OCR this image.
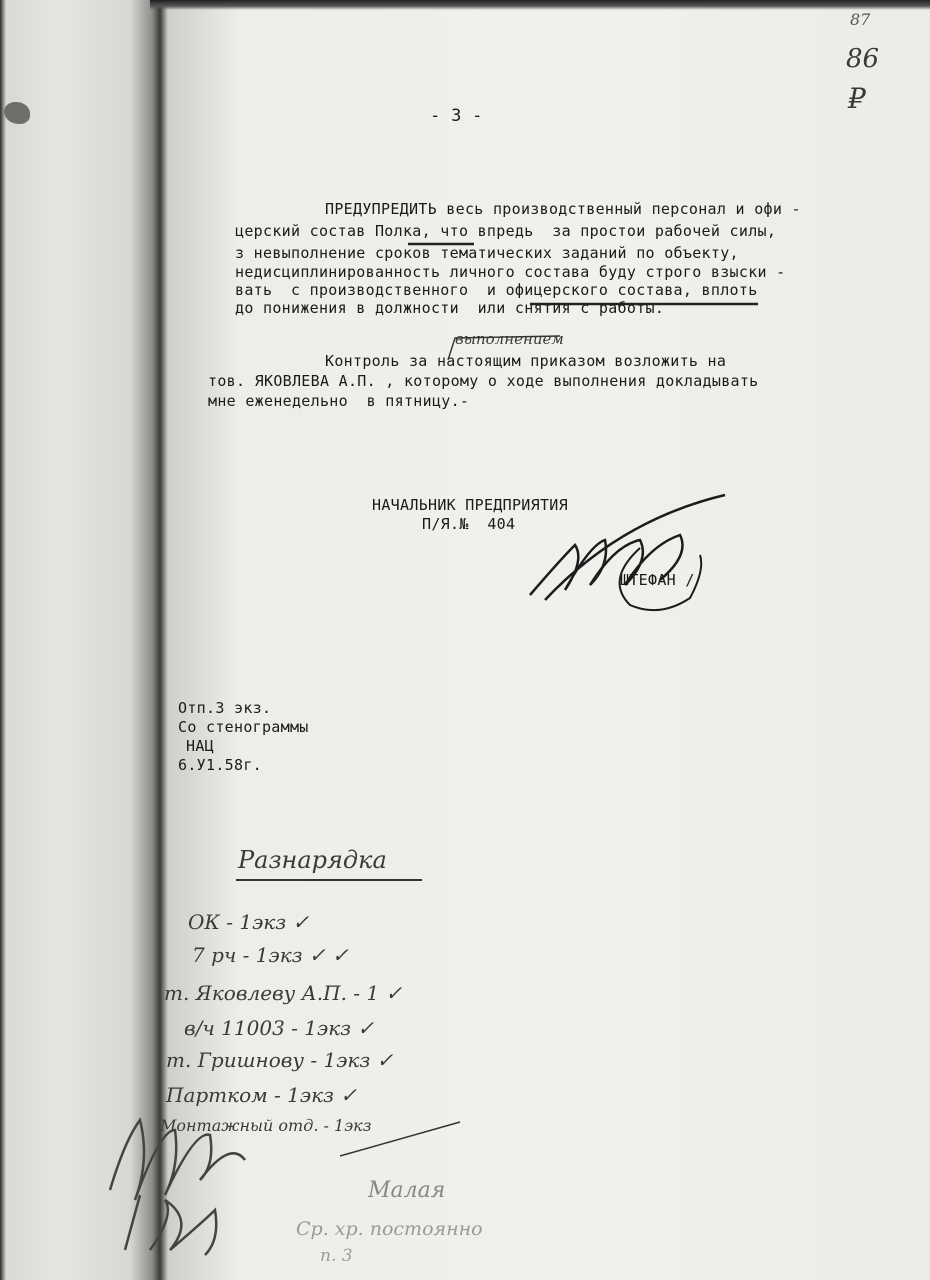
87
86
₽
- 3 -
ПРЕДУПРЕДИТЬ весь производственный персонал и офи -
церский состав Полка, что впредь  за простои рабочей силы,
з невыполнение сроков тематических заданий по объекту,
недисциплинированность личного состава буду строго взыски -
вать  с производственного  и офицерского состава, вплоть
до понижения в должности  или снятия с работы.
выполнением
Контроль за настоящим приказом возложить на
тов. ЯКОВЛЕВА А.П. , которому о ходе выполнения докладывать
мне еженедельно  в пятницу.-
НАЧАЛЬНИК ПРЕДПРИЯТИЯ
П/Я.№  404
ШТЕФАН /
Отп.3 экз.
Со стенограммы
НАЦ
6.У1.58г.
Разнарядка
ОК - 1экз ✓
7 рч - 1экз ✓ ✓
т. Яковлеву А.П. - 1 ✓
в/ч 11003 - 1экз ✓
т. Гришнову - 1экз ✓
Партком - 1экз ✓
Монтажный отд. - 1экз
Малая
Ср. хр. постоянно
п. 3
